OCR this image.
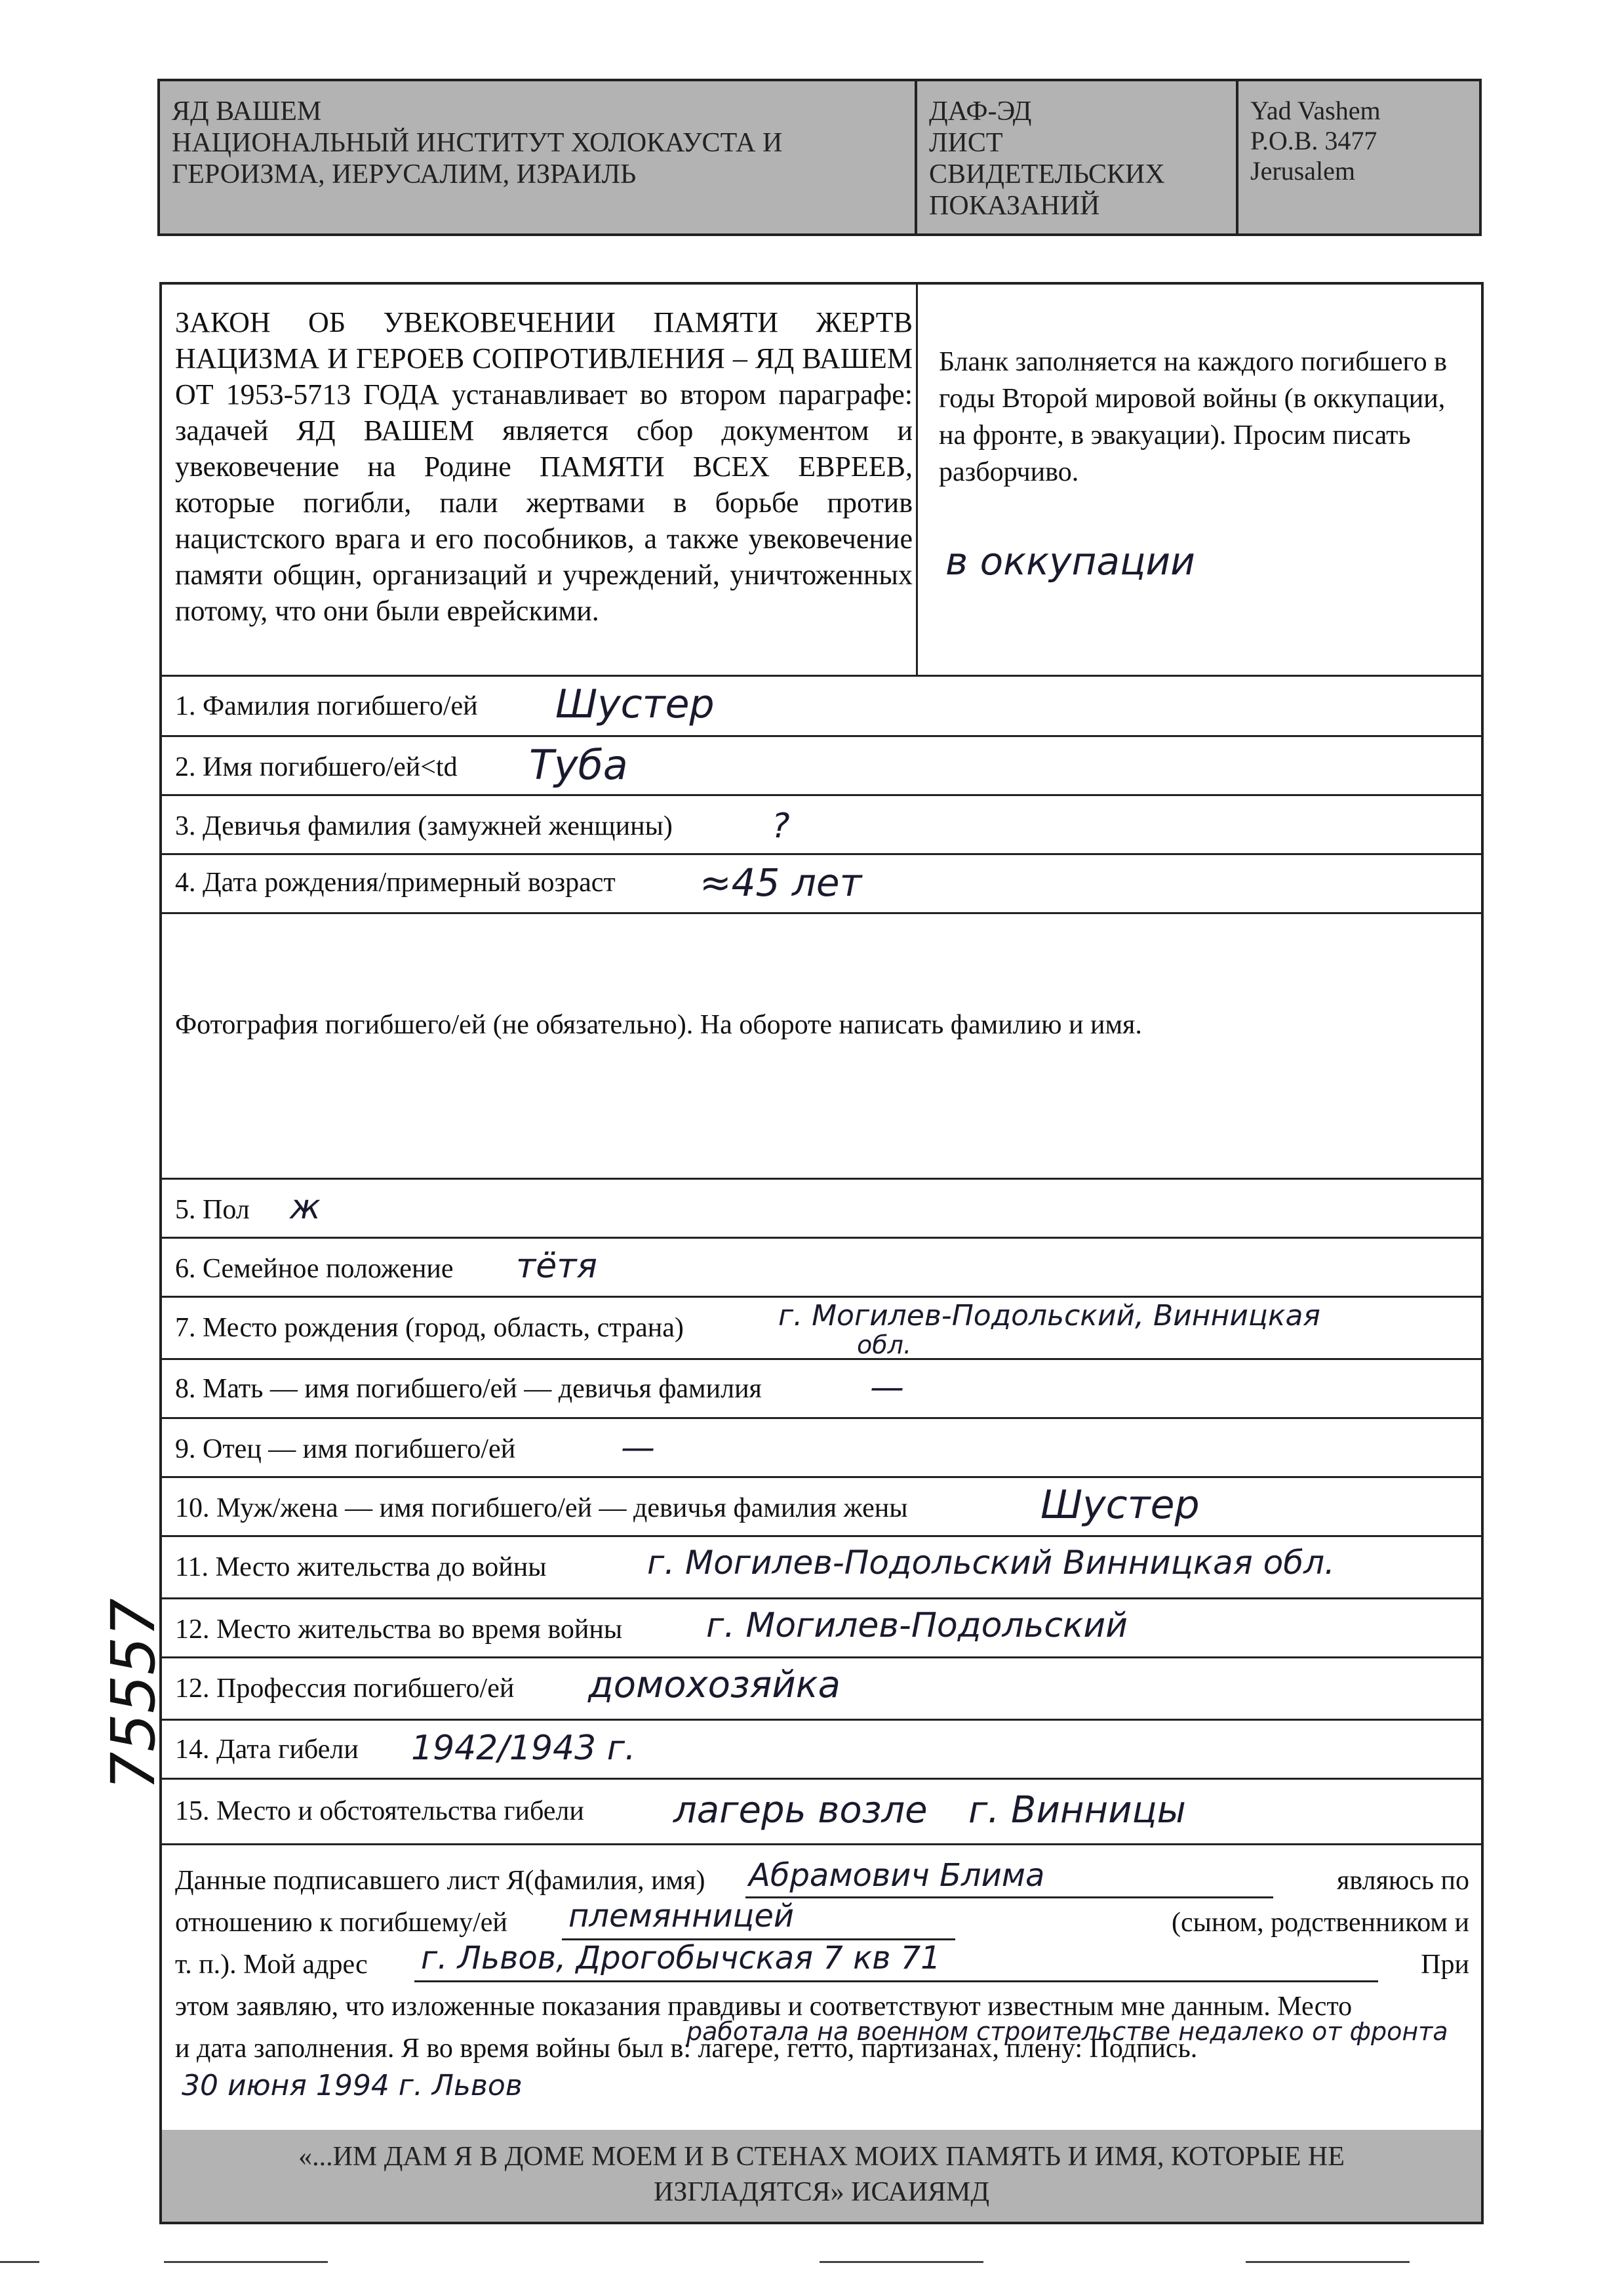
ЯД ВАШЕМ
НАЦИОНАЛЬНЫЙ ИНСТИТУТ ХОЛОКАУСТА И
ГЕРОИЗМА, ИЕРУСАЛИМ, ИЗРАИЛЬ
ДАФ-ЭД
ЛИСТ
СВИДЕТЕЛЬСКИХ
ПОКАЗАНИЙ
Yad Vashem
P.O.B. 3477
Jerusalem
ЗАКОН ОБ УВЕКОВЕЧЕНИИ ПАМЯТИ ЖЕРТВ НАЦИЗМА И ГЕРОЕВ СОПРОТИВЛЕНИЯ – ЯД ВАШЕМ ОТ 1953-5713 ГОДА устанавливает во втором параграфе: задачей ЯД ВАШЕМ является сбор документом и увековечение на Родине ПАМЯТИ ВСЕХ ЕВРЕЕВ, которые погибли, пали жертвами в борьбе против нацистского врага и его пособников, а также увековечение памяти общин, организаций и учреждений, уничтоженных потому, что они были еврейскими.
Бланк заполняется на каждого погибшего в годы Второй мировой войны (в оккупации, на фронте, в эвакуации). Просим писать разборчиво.
в оккупации
1. Фамилия погибшего/ей Шустер
2. Имя погибшего/ей<td Туба
3. Девичья фамилия (замужней женщины)	?
4. Дата рождения/примерный возраст ≈45 лет
Фотография погибшего/ей (не обязательно). На обороте написать фамилию и имя.
5. Пол ж
6. Семейное положение тётя
7. Место рождения (город, область, страна)	г. Могилев-Подольский, Винницкая
обл.
8. Мать — имя погибшего/ей — девичья фамилия	—
9. Отец — имя погибшего/ей	—
10. Муж/жена — имя погибшего/ей — девичья фамилия жены	Шустер
11. Место жительства до войны	г. Могилев-Подольский Винницкая обл.
12. Место жительства во время войны г. Могилев-Подольский
12. Профессия погибшего/ей домохозяйка
14. Дата гибели 1942/1943 г.
15. Место и обстоятельства гибели лагерь возле г. Винницы
Данные подписавшего лист Я(фамилия, имя) Абрамович Блима	являюсь по
отношению к погибшему/ей племянницей	(сыном, родственником и
т. п.). Мой адрес г. Львов, Дрогобычская 7 кв 71	При
этом заявляю, что изложенные показания правдивы и соответствуют известным мне данным. Место
и дата заполнения. Я во время войны был в: лагере, гетто, партизанах, плену: Подпись.
работала на военном строительстве недалеко от фронта
30 июня 1994 г. Львов
«...ИМ ДАМ Я В ДОМЕ МОЕМ И В СТЕНАХ МОИХ ПАМЯТЬ И ИМЯ, КОТОРЫЕ НЕ
ИЗГЛАДЯТСЯ» ИСАИЯМД
75557
